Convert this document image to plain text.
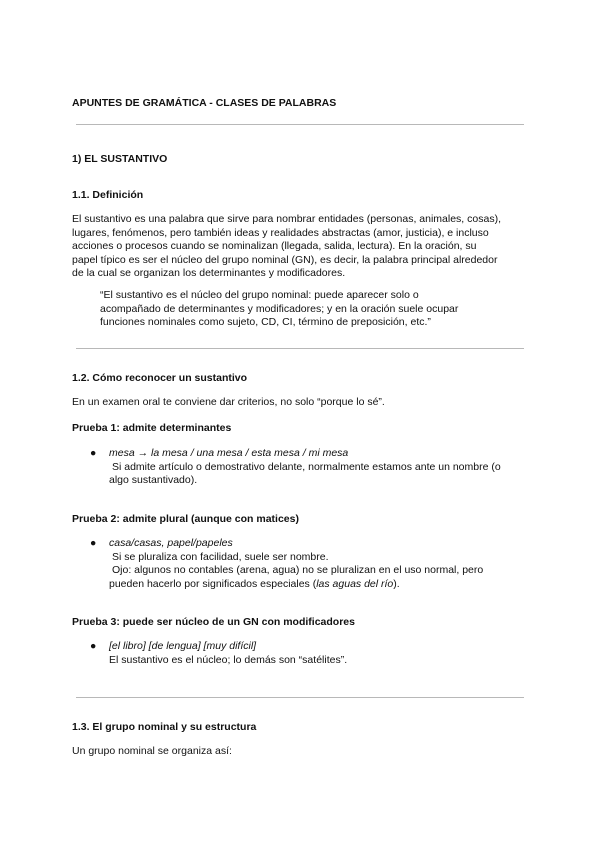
APUNTES DE GRAMÁTICA - CLASES DE PALABRAS
1) EL SUSTANTIVO
1.1. Definición
El sustantivo es una palabra que sirve para nombrar entidades (personas, animales, cosas),
lugares, fenómenos, pero también ideas y realidades abstractas (amor, justicia), e incluso
acciones o procesos cuando se nominalizan (llegada, salida, lectura). En la oración, su
papel típico es ser el núcleo del grupo nominal (GN), es decir, la palabra principal alrededor
de la cual se organizan los determinantes y modificadores.
“El sustantivo es el núcleo del grupo nominal: puede aparecer solo o
acompañado de determinantes y modificadores; y en la oración suele ocupar
funciones nominales como sujeto, CD, CI, término de preposición, etc.”
1.2. Cómo reconocer un sustantivo
En un examen oral te conviene dar criterios, no solo “porque lo sé”.
Prueba 1: admite determinantes
● mesa → la mesa / una mesa / esta mesa / mi mesa
Si admite artículo o demostrativo delante, normalmente estamos ante un nombre (o
algo sustantivado).
Prueba 2: admite plural (aunque con matices)
● casa/casas, papel/papeles
Si se pluraliza con facilidad, suele ser nombre.
Ojo: algunos no contables (arena, agua) no se pluralizan en el uso normal, pero
pueden hacerlo por significados especiales (las aguas del río).
Prueba 3: puede ser núcleo de un GN con modificadores
● [el libro] [de lengua] [muy difícil]
El sustantivo es el núcleo; lo demás son “satélites”.
1.3. El grupo nominal y su estructura
Un grupo nominal se organiza así:
